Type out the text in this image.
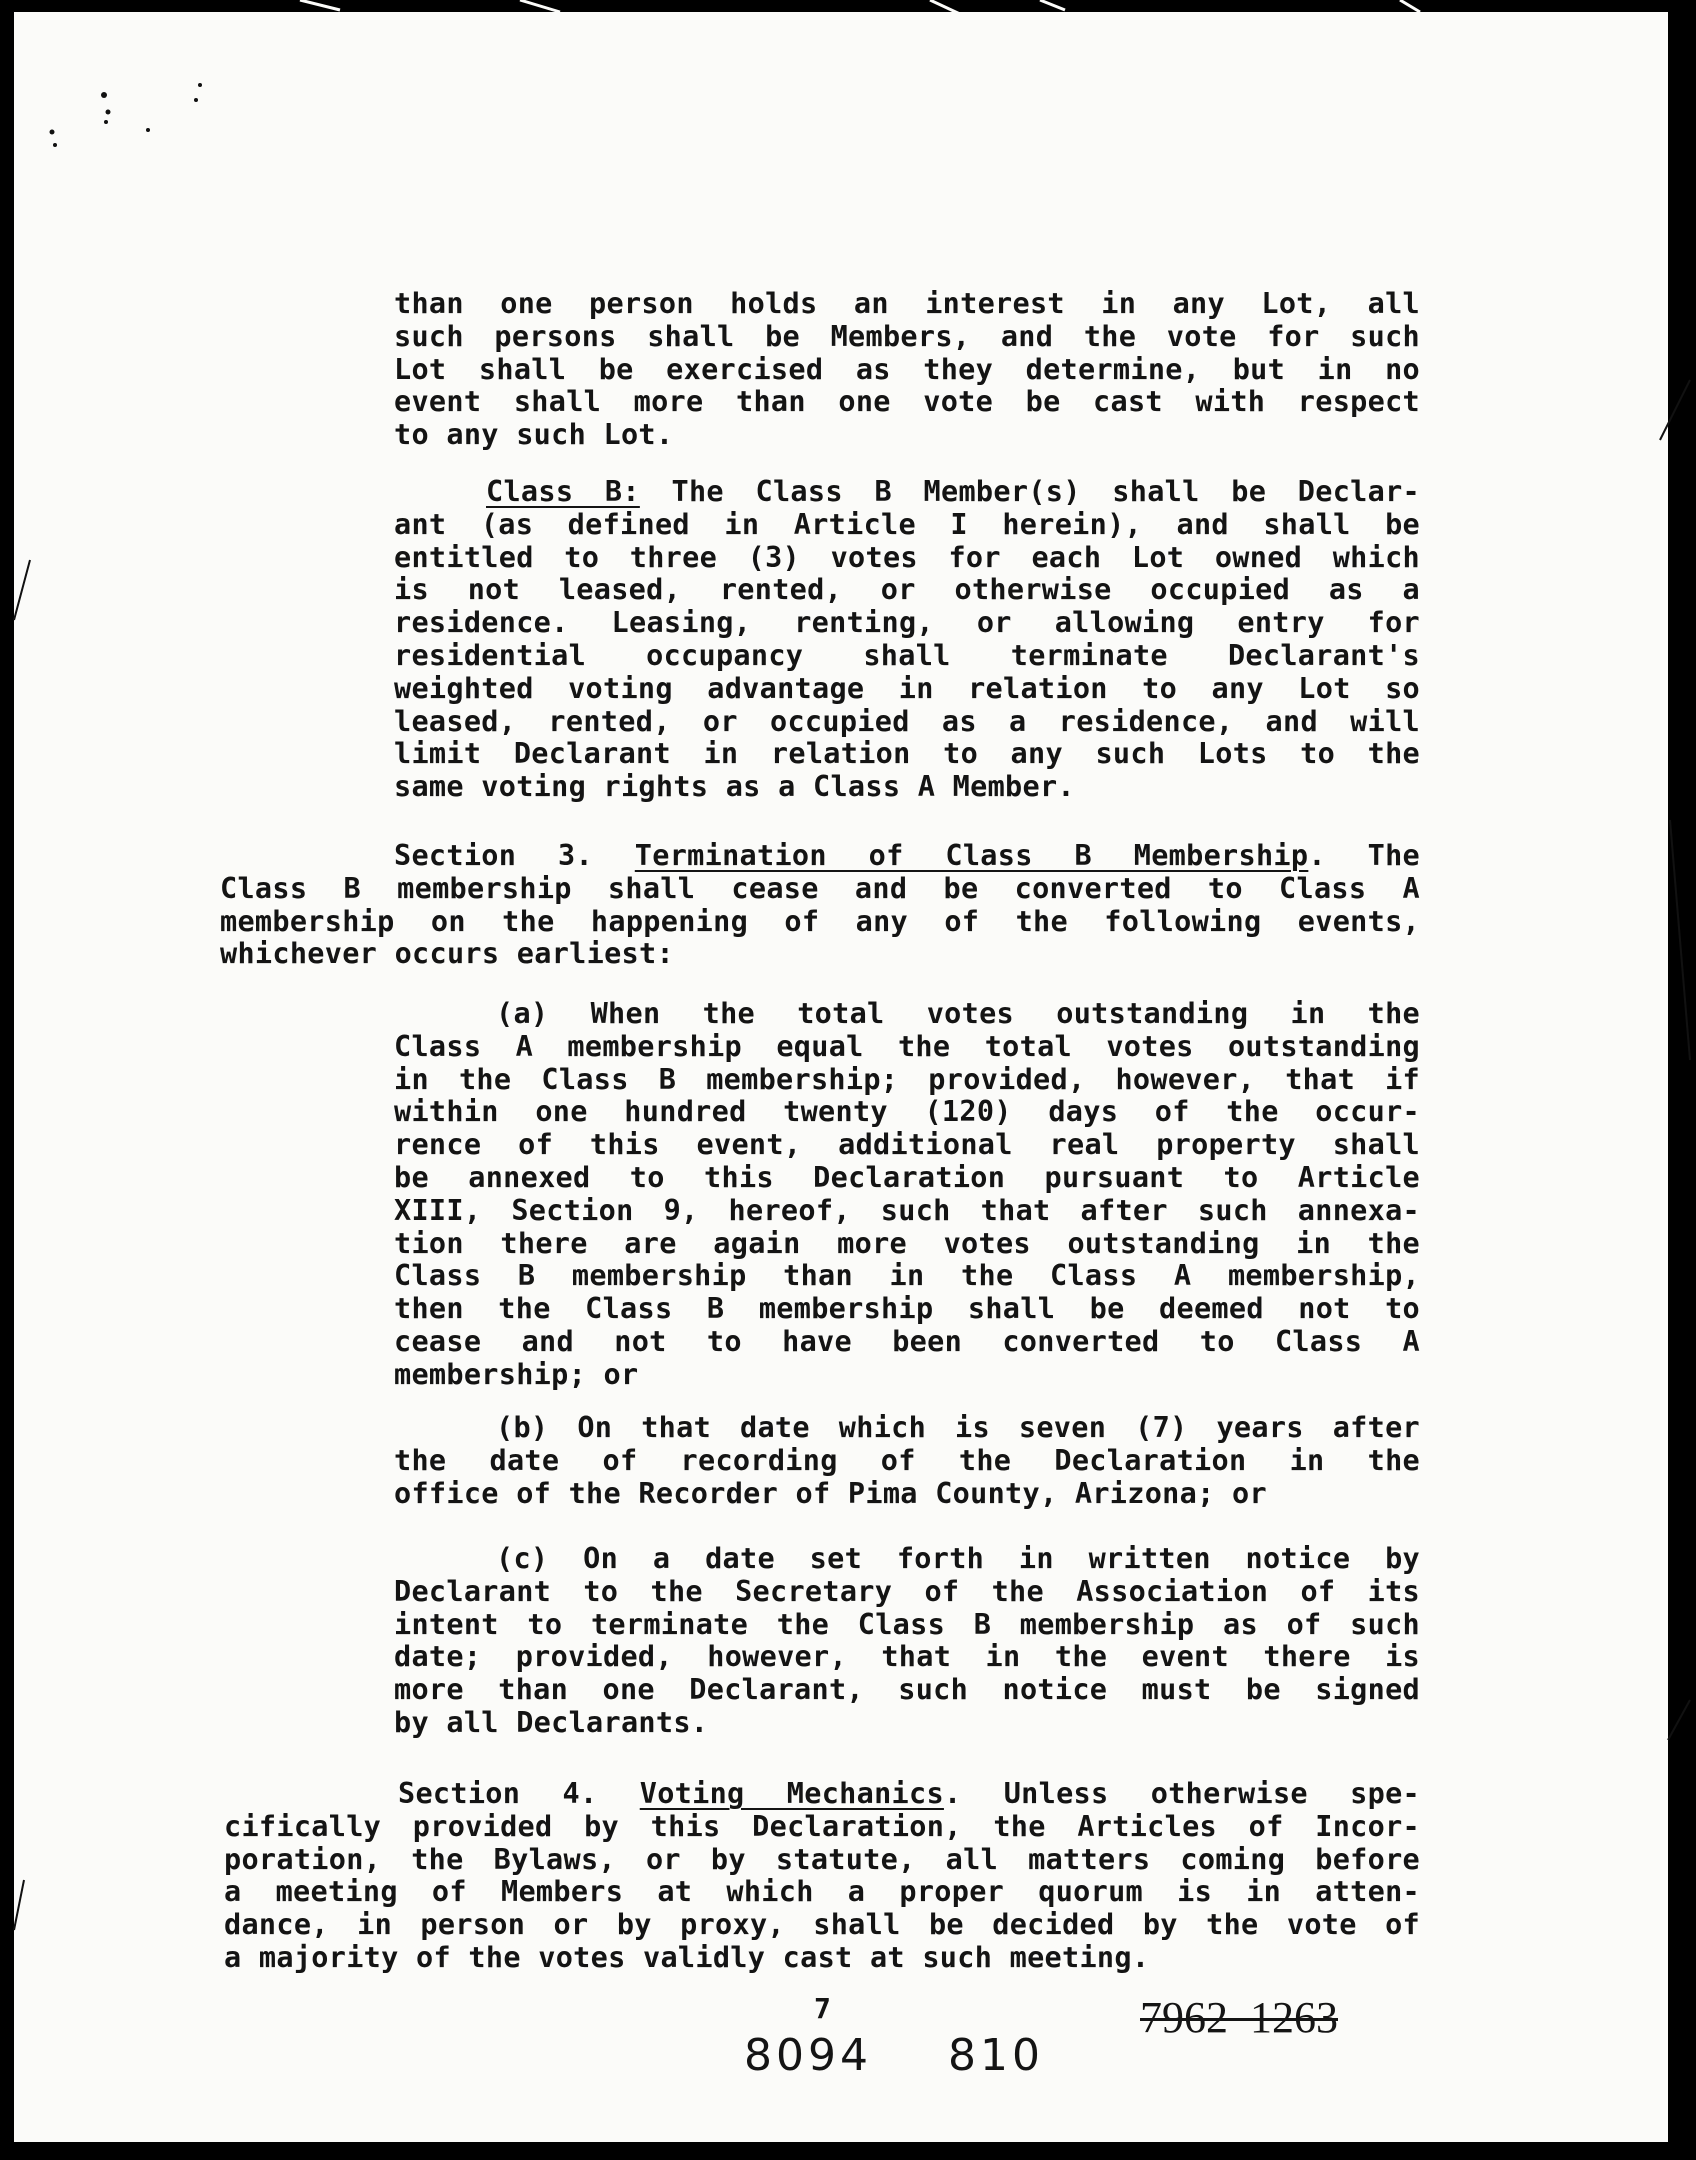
than one person holds an interest in any Lot, all
such persons shall be Members, and the vote for such
Lot shall be exercised as they determine, but in no
event shall more than one vote be cast with respect
to any such Lot.
Class B: The Class B Member(s) shall be Declar-
ant (as defined in Article I herein), and shall be
entitled to three (3) votes for each Lot owned which
is not leased, rented, or otherwise occupied as a
residence. Leasing, renting, or allowing entry for
residential occupancy shall terminate Declarant's
weighted voting advantage in relation to any Lot so
leased, rented, or occupied as a residence, and will
limit Declarant in relation to any such Lots to the
same voting rights as a Class A Member.
Section 3. Termination of Class B Membership. The
Class B membership shall cease and be converted to Class A
membership on the happening of any of the following events,
whichever occurs earliest:
(a) When the total votes outstanding in the
Class A membership equal the total votes outstanding
in the Class B membership; provided, however, that if
within one hundred twenty (120) days of the occur-
rence of this event, additional real property shall
be annexed to this Declaration pursuant to Article
XIII, Section 9, hereof, such that after such annexa-
tion there are again more votes outstanding in the
Class B membership than in the Class A membership,
then the Class B membership shall be deemed not to
cease and not to have been converted to Class A
membership; or
(b) On that date which is seven (7) years after
the date of recording of the Declaration in the
office of the Recorder of Pima County, Arizona; or
(c) On a date set forth in written notice by
Declarant to the Secretary of the Association of its
intent to terminate the Class B membership as of such
date; provided, however, that in the event there is
more than one Declarant, such notice must be signed
by all Declarants.
Section 4. Voting Mechanics. Unless otherwise spe-
cifically provided by this Declaration, the Articles of Incor-
poration, the Bylaws, or by statute, all matters coming before
a meeting of Members at which a proper quorum is in atten-
dance, in person or by proxy, shall be decided by the vote of
a majority of the votes validly cast at such meeting.
7
8094 810
7962  1263
